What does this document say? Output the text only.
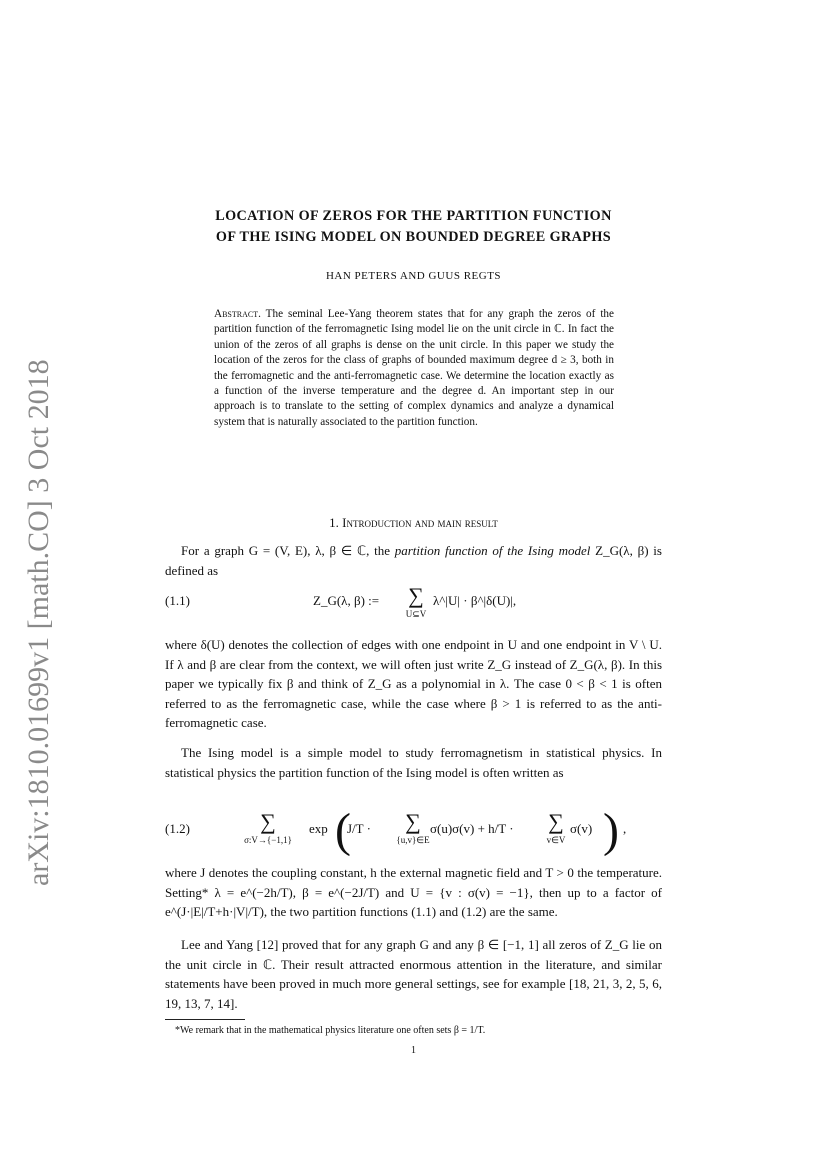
arXiv:1810.01699v1 [math.CO] 3 Oct 2018
LOCATION OF ZEROS FOR THE PARTITION FUNCTION
OF THE ISING MODEL ON BOUNDED DEGREE GRAPHS
HAN PETERS AND GUUS REGTS
Abstract. The seminal Lee-Yang theorem states that for any graph the zeros of the partition function of the ferromagnetic Ising model lie on the unit circle in ℂ. In fact the union of the zeros of all graphs is dense on the unit circle. In this paper we study the location of the zeros for the class of graphs of bounded maximum degree d ≥ 3, both in the ferromagnetic and the anti-ferromagnetic case. We determine the location exactly as a function of the inverse temperature and the degree d. An important step in our approach is to translate to the setting of complex dynamics and analyze a dynamical system that is naturally associated to the partition function.
1. Introduction and main result
For a graph G = (V, E), λ, β ∈ ℂ, the partition function of the Ising model Z_G(λ, β) is defined as
(1.1)	Z_G(λ, β) :=	∑
U⊆V
λ^|U| · β^|δ(U)|,
where δ(U) denotes the collection of edges with one endpoint in U and one endpoint in V \ U. If λ and β are clear from the context, we will often just write Z_G instead of Z_G(λ, β). In this paper we typically fix β and think of Z_G as a polynomial in λ. The case 0 < β < 1 is often referred to as the ferromagnetic case, while the case where β > 1 is referred to as the anti-ferromagnetic case.
The Ising model is a simple model to study ferromagnetism in statistical physics. In statistical physics the partition function of the Ising model is often written as
(1.2)	∑
σ:V→{−1,1}
exp (
J/T ·	∑
{u,v}∈E
σ(u)σ(v) + h/T ·	∑
v∈V
σ(v) ) ,
where J denotes the coupling constant, h the external magnetic field and T > 0 the temperature. Setting* λ = e^(−2h/T), β = e^(−2J/T) and U = {v : σ(v) = −1}, then up to a factor of e^(J·|E|/T+h·|V|/T), the two partition functions (1.1) and (1.2) are the same.
Lee and Yang [12] proved that for any graph G and any β ∈ [−1, 1] all zeros of Z_G lie on the unit circle in ℂ. Their result attracted enormous attention in the literature, and similar statements have been proved in much more general settings, see for example [18, 21, 3, 2, 5, 6, 19, 13, 7, 14].
*We remark that in the mathematical physics literature one often sets β = 1/T.
1
